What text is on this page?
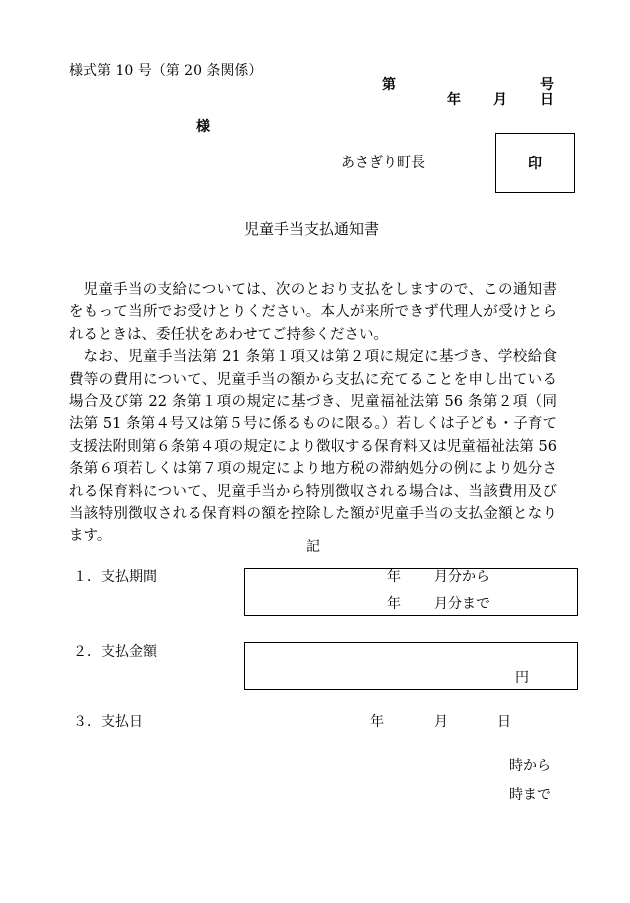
様式第 10 号（第 20 条関係）
第	号
年 月 日
様
あさぎり町長	印
児童手当支払通知書

児童手当の支給については、次のとおり支払をしますので、この通知書をもって当所でお受けとりください。本人が来所できず代理人が受けとられるときは、委任状をあわせてご持参ください。

なお、児童手当法第 21 条第１項又は第２項に規定に基づき、学校給食費等の費用について、児童手当の額から支払に充てることを申し出ている場合及び第 22 条第１項の規定に基づき、児童福祉法第 56 条第２項（同法第 51 条第４号又は第５号に係るものに限る。）若しくは子ども・子育て支援法附則第６条第４項の規定により徴収する保育料又は児童福祉法第 56 条第６項若しくは第７項の規定により地方税の滞納処分の例により処分される保育料について、児童手当から特別徴収される場合は、当該費用及び当該特別徴収される保育料の額を控除した額が児童手当の支払金額となります。

記
１．支払期間	年 月分から
年 月分まで
２．支払金額
円
３．支払日	年	月	日
時から
時まで
